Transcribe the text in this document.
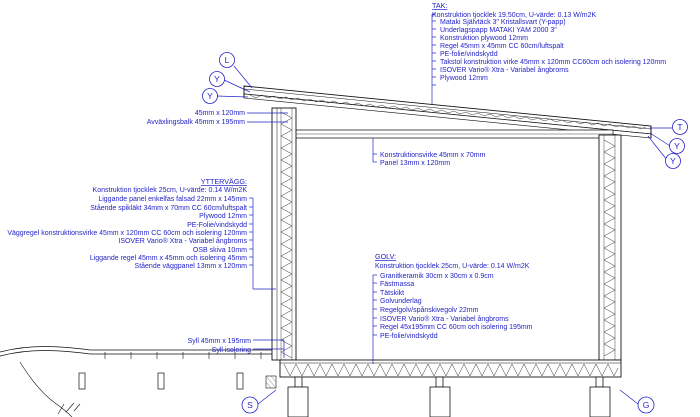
L
Y
Y
T
Y
Y
S	G
TAK:
Konstruktion tjocklek 19.50cm, U-värde: 0.13 W/m2K
Mataki Självtäck 3" Kristallsvart (Y-papp)
Underlagspapp MATAKI YAM 2000 3"
Konstruktion plywood 12mm
Regel 45mm x 45mm CC 60cm/luftspalt
PE-folie/vindskydd
Takstol konstruktion virke 45mm x 120mm CC60cm och isolering 120mm
ISOVER Vario® Xtra - Variabel ångbroms
Plywood 12mm
45mm x 120mm
Avväxlingsbalk 45mm x 195mm
Konstruktionsvirke 45mm x 70mm
Panel 13mm x 120mm
YTTERVÄGG:
Konstruktion tjocklek 25cm, U-värde: 0.14 W/m2K
Liggande panel enkelfas falsad 22mm x 145mm
Stående spikläkt 34mm x 70mm CC 60cm/luftspalt
Plywood 12mm
PE-Folie/vindskydd
Väggregel konstruktionsvirke 45mm x 120mm CC 60cm och isolering 120mm
ISOVER Vario® Xtra - Variabel ångbroms
OSB skiva 10mm
Liggande regel 45mm x 45mm och isolering 45mm
Stående väggpanel 13mm x 120mm
GOLV:
Konstruktion tjocklek 25cm, U-värde: 0.14 W/m2K
Granitkeramik 30cm x 30cm x 0.9cm
Fästmassa
Tätskikt
Golvunderlag
Regelgolv/spånskivegolv 22mm
ISOVER Vario® Xtra - Variabel ångbroms
Regel 45x195mm CC 60cm och isolering 195mm
PE-folie/vindskydd
Syll 45mm x 195mm
Syll isolering
